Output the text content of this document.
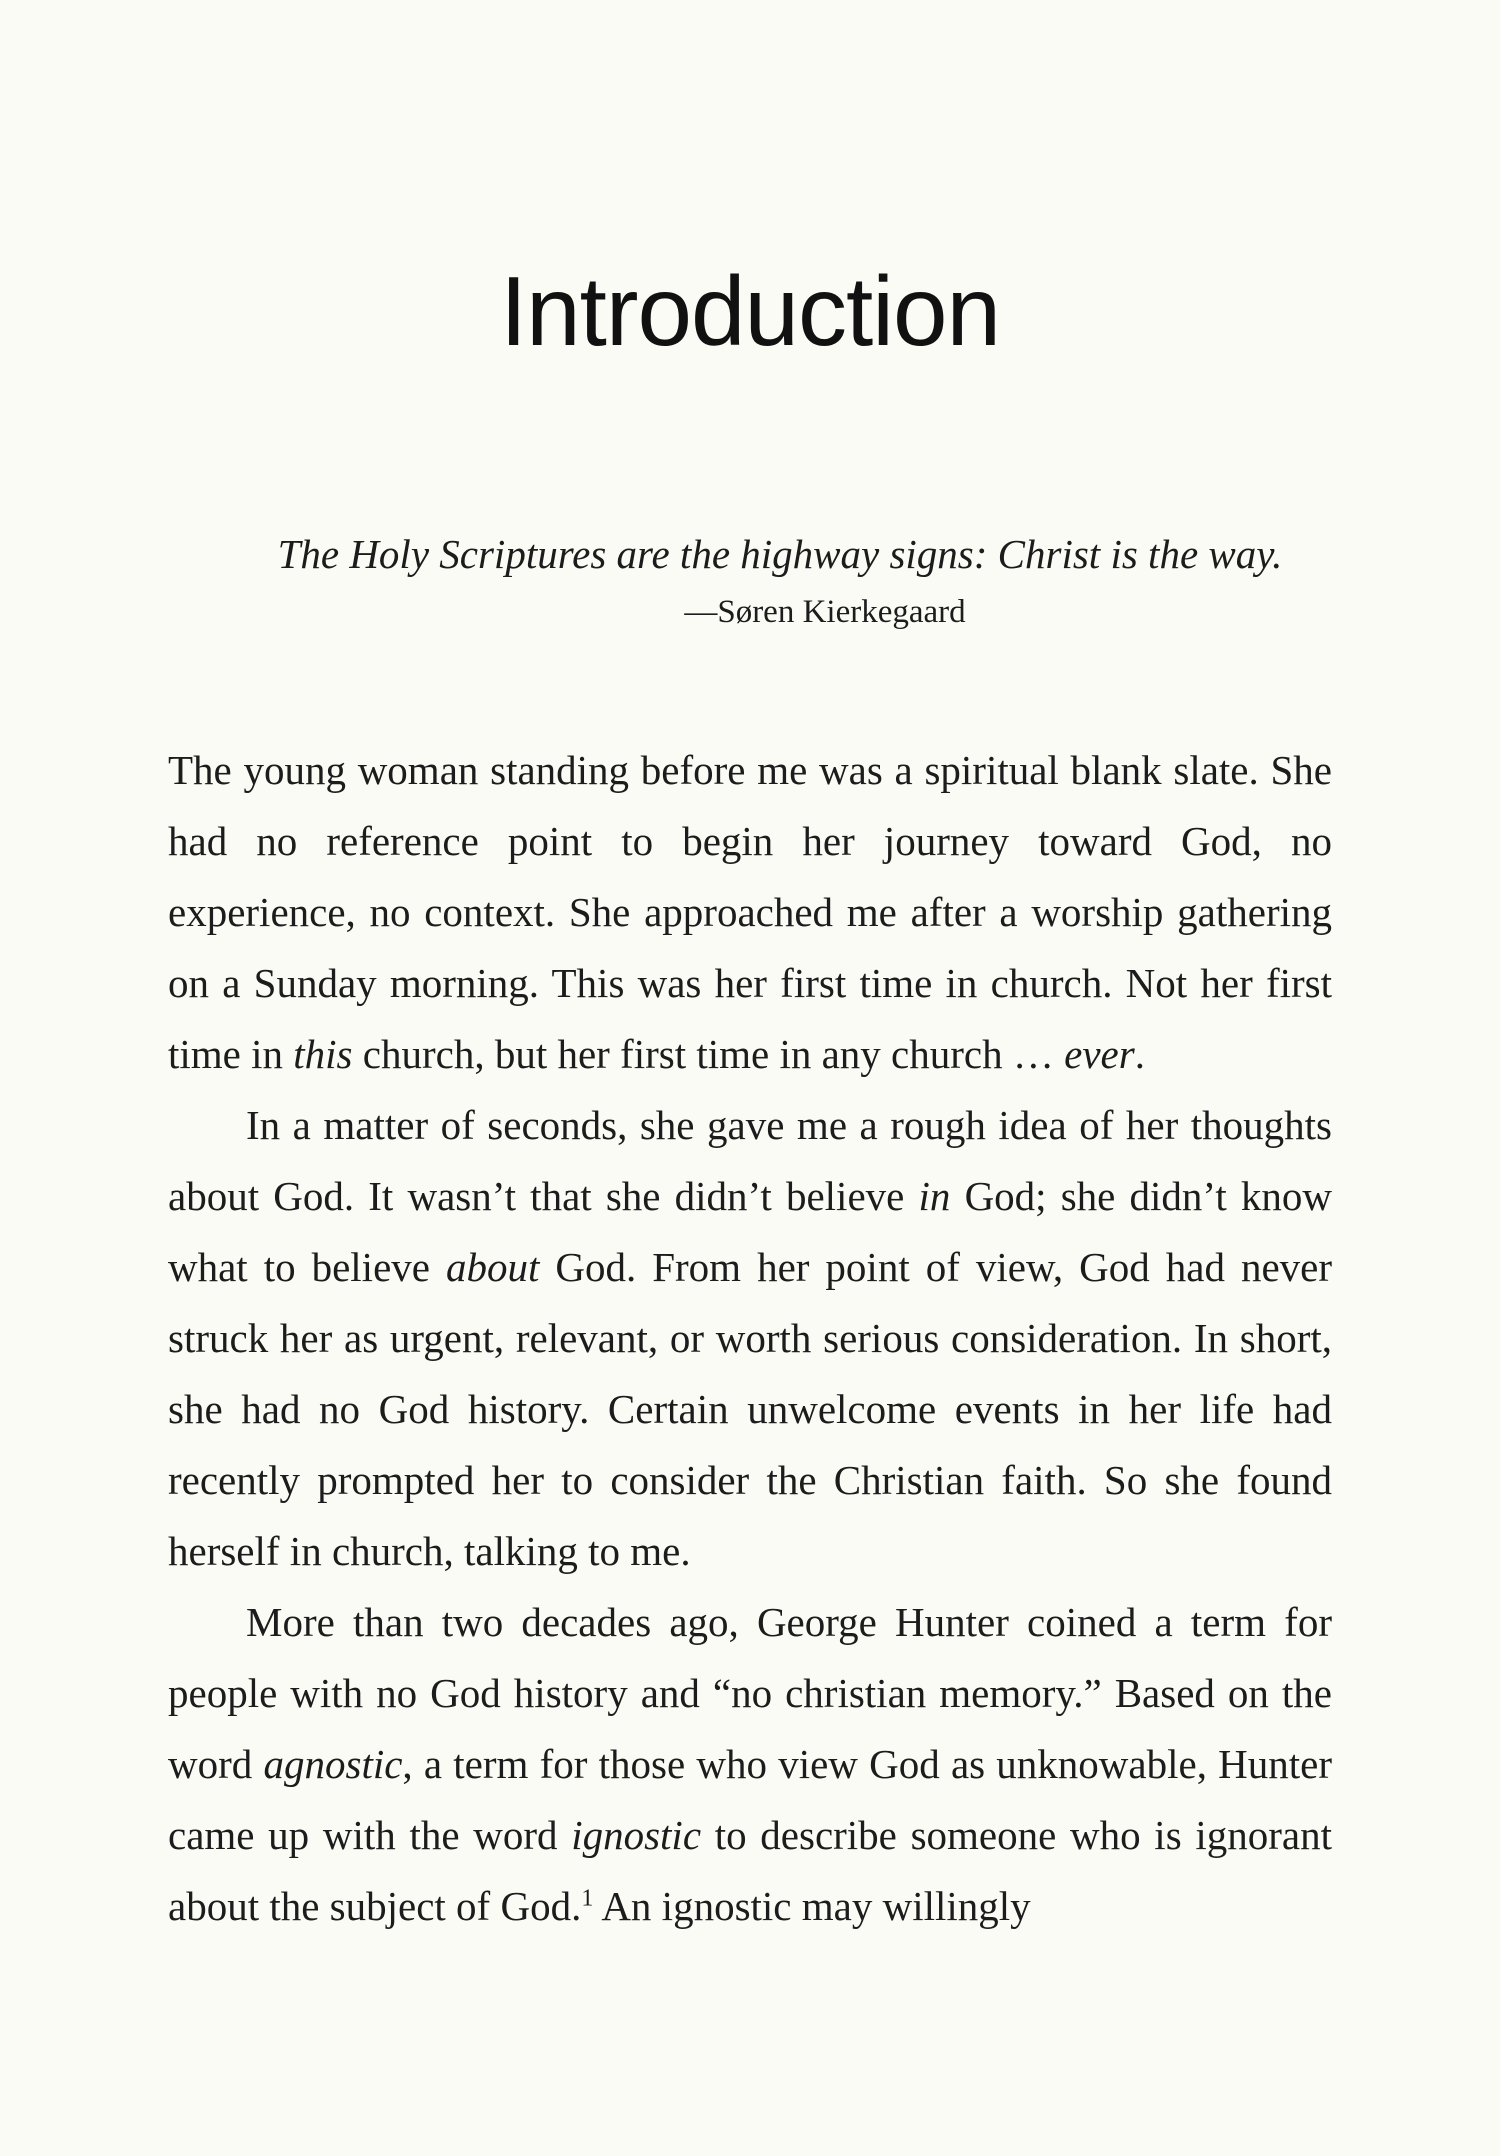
Introduction

The Holy Scriptures are the highway signs: Christ is the way.

—Søren Kierkegaard

The young woman standing before me was a spiritual blank slate. She had no reference point to begin her journey toward God, no experience, no context. She approached me after a worship gathering on a Sunday morning. This was her first time in church. Not her first time in this church, but her first time in any church … ever.

In a matter of seconds, she gave me a rough idea of her thoughts about God. It wasn’t that she didn’t believe in God; she didn’t know what to believe about God. From her point of view, God had never struck her as urgent, relevant, or worth serious consideration. In short, she had no God history. Certain unwelcome events in her life had recently prompted her to consider the Christian faith. So she found herself in church, talking to me.

More than two decades ago, George Hunter coined a term for people with no God history and “no christian memory.” Based on the word agnostic, a term for those who view God as unknowable, Hunter came up with the word ignostic to describe someone who is ignorant about the subject of God.$^1$ An ignostic may willingly
